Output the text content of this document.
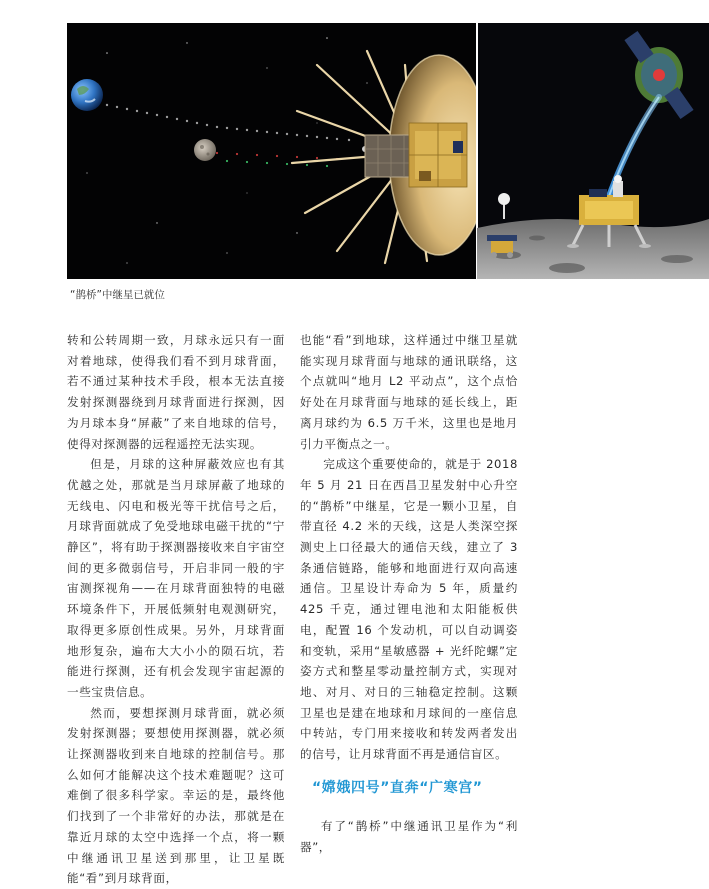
“鹊桥”中继星已就位

转和公转周期一致，月球永远只有一面对着地球，使得我们看不到月球背面，若不通过某种技术手段，根本无法直接发射探测器绕到月球背面进行探测，因为月球本身“屏蔽”了来自地球的信号，使得对探测器的远程遥控无法实现。

但是，月球的这种屏蔽效应也有其优越之处，那就是当月球屏蔽了地球的无线电、闪电和极光等干扰信号之后，月球背面就成了免受地球电磁干扰的“宁静区”，将有助于探测器接收来自宇宙空间的更多微弱信号，开启非同一般的宇宙测探视角——在月球背面独特的电磁环境条件下，开展低频射电观测研究，取得更多原创性成果。另外，月球背面地形复杂，遍布大大小小的陨石坑，若能进行探测，还有机会发现宇宙起源的一些宝贵信息。

然而，要想探测月球背面，就必须发射探测器；要想使用探测器，就必须让探测器收到来自地球的控制信号。那么如何才能解决这个技术难题呢？这可难倒了很多科学家。幸运的是，最终他们找到了一个非常好的办法，那就是在靠近月球的太空中选择一个点，将一颗中继通讯卫星送到那里，让卫星既能“看”到月球背面，

也能“看”到地球，这样通过中继卫星就能实现月球背面与地球的通讯联络，这个点就叫“地月 L2 平动点”，这个点恰好处在月球背面与地球的延长线上，距离月球约为 6.5 万千米，这里也是地月引力平衡点之一。

完成这个重要使命的，就是于 2018 年 5 月 21 日在西昌卫星发射中心升空的“鹊桥”中继星，它是一颗小卫星，自带直径 4.2 米的天线，这是人类深空探测史上口径最大的通信天线，建立了 3 条通信链路，能够和地面进行双向高速通信。卫星设计寿命为 5 年，质量约 425 千克，通过锂电池和太阳能板供电，配置 16 个发动机，可以自动调姿和变轨，采用“星敏感器 + 光纤陀螺”定姿方式和整星零动量控制方式，实现对地、对月、对日的三轴稳定控制。这颗卫星也是建在地球和月球间的一座信息中转站，专门用来接收和转发两者发出的信号，让月球背面不再是通信盲区。

“嫦娥四号”直奔“广寒宫”

有了“鹊桥”中继通讯卫星作为“利器”，
